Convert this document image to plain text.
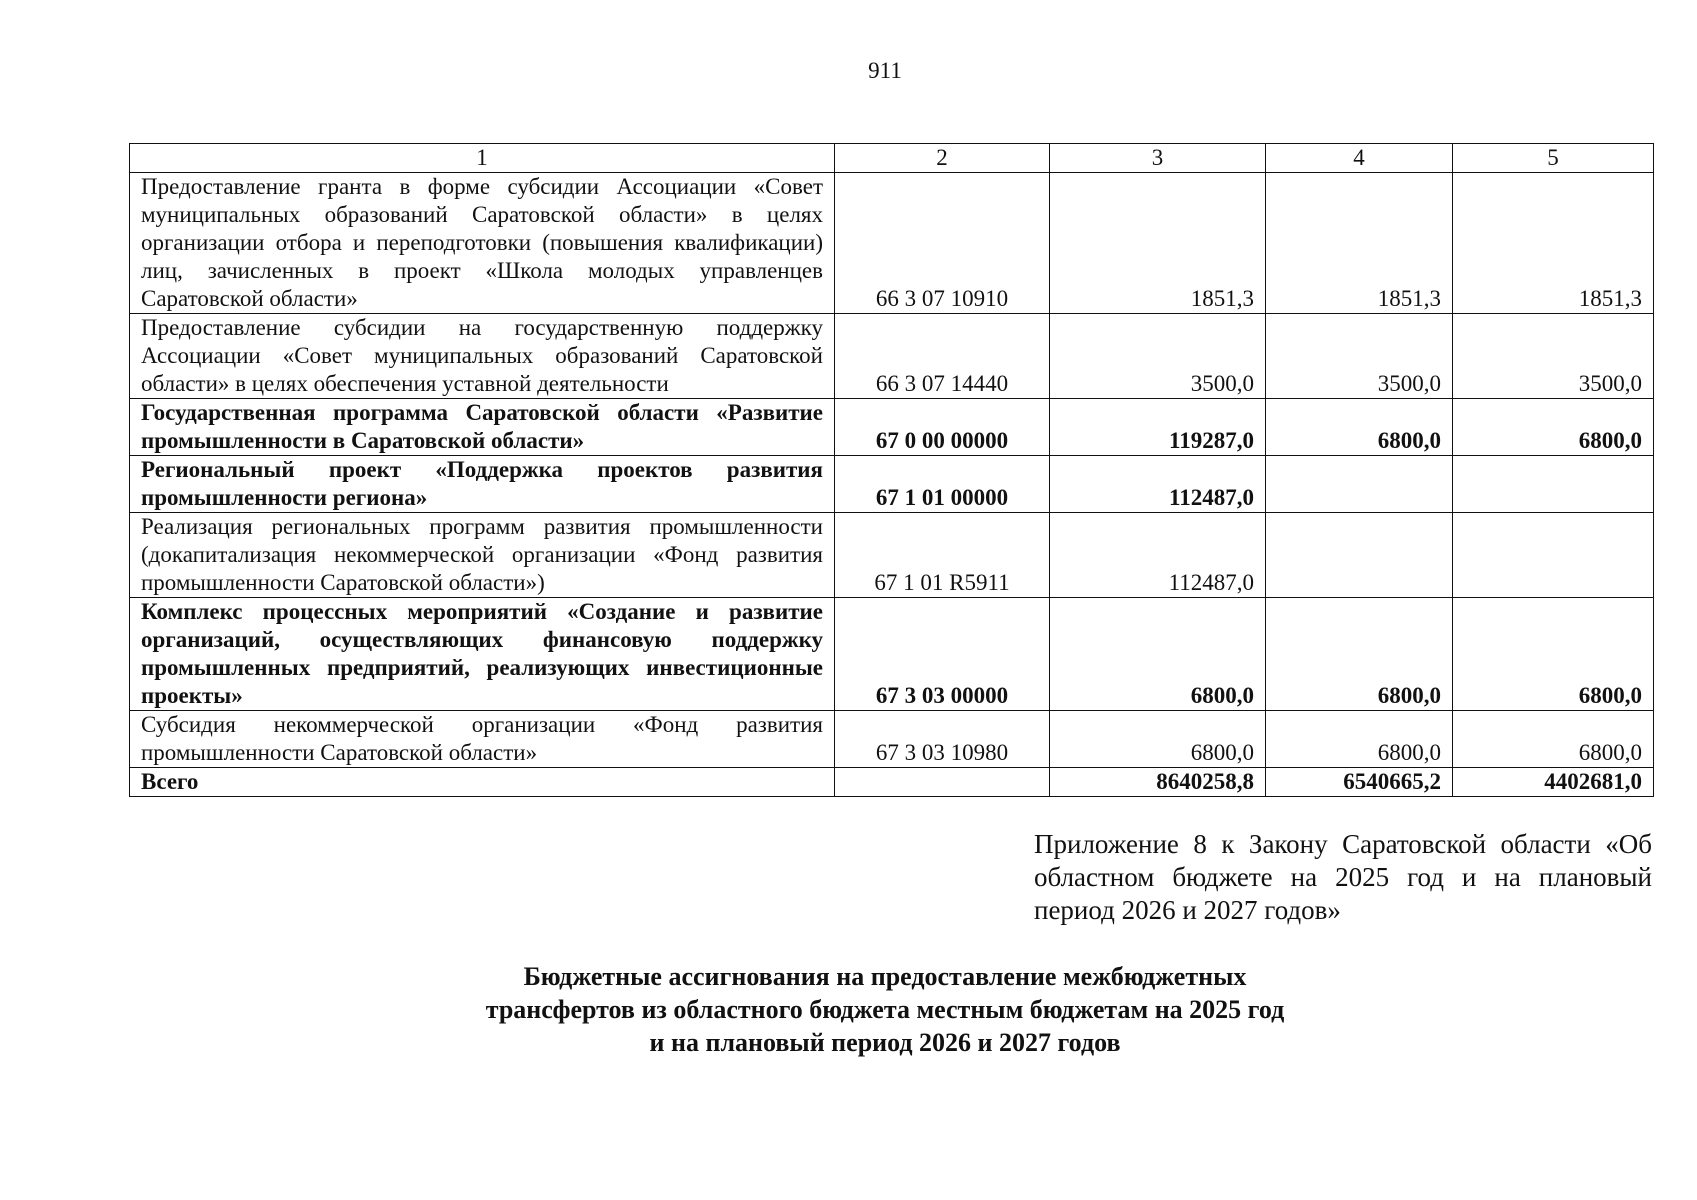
911
1	2	3	4	5
Предоставление гранта в форме субсидии Ассоциации «Совет муниципальных образований Саратовской области» в целях организации отбора и переподготовки (повышения квалификации) лиц, зачисленных в проект «Школа молодых управленцев Саратовской области»	66 3 07 10910	1851,3	1851,3	1851,3
Предоставление субсидии на государственную поддержку Ассоциации «Совет муниципальных образований Саратовской области» в целях обеспечения уставной деятельности	66 3 07 14440	3500,0	3500,0	3500,0
Государственная программа Саратовской области «Развитие промышленности в Саратовской области»	67 0 00 00000	119287,0	6800,0	6800,0
Региональный проект «Поддержка проектов развития промышленности региона»	67 1 01 00000	112487,0		
Реализация региональных программ развития промышленности (докапитализация некоммерческой организации «Фонд развития промышленности Саратовской области»)	67 1 01 R5911	112487,0		
Комплекс процессных мероприятий «Создание и развитие организаций, осуществляющих финансовую поддержку промышленных предприятий, реализующих инвестиционные проекты»	67 3 03 00000	6800,0	6800,0	6800,0
Субсидия некоммерческой организации «Фонд развития промышленности Саратовской области»	67 3 03 10980	6800,0	6800,0	6800,0
Всего		8640258,8	6540665,2	4402681,0
Приложение 8 к Закону Саратовской области «Об областном бюджете на 2025 год и на плановый период 2026 и 2027 годов»
Бюджетные ассигнования на предоставление межбюджетных
трансфертов из областного бюджета местным бюджетам на 2025 год
и на плановый период 2026 и 2027 годов
